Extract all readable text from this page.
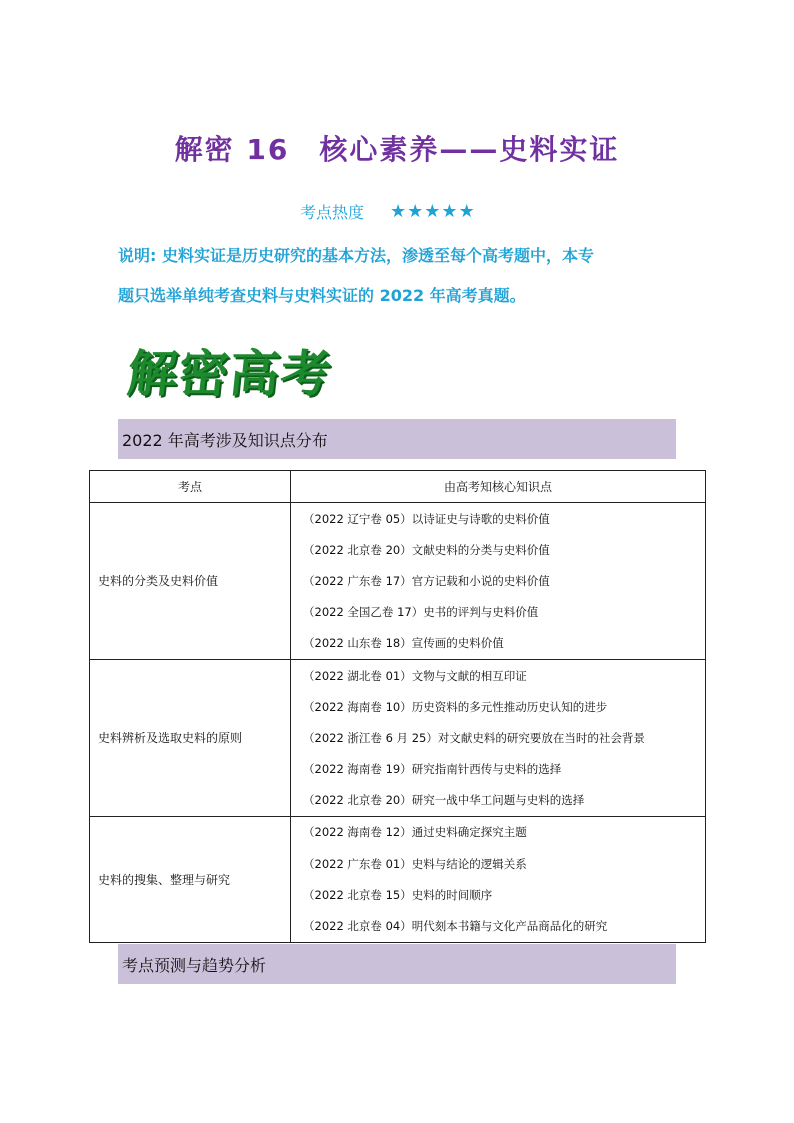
解密 16　核心素养——史料实证
考点热度 ★★★★★
说明: 史料实证是历史研究的基本方法，渗透至每个高考题中，本专
题只选举单纯考查史料与史料实证的 2022 年高考真题。
解密高考
2022 年高考涉及知识点分布
考点	由高考知核心知识点
史料的分类及史料价值	（2022 辽宁卷 05）以诗证史与诗歌的史料价值
（2022 北京卷 20）文献史料的分类与史料价值
（2022 广东卷 17）官方记载和小说的史料价值
（2022 全国乙卷 17）史书的评判与史料价值
（2022 山东卷 18）宣传画的史料价值

史料辨析及选取史料的原则	（2022 湖北卷 01）文物与文献的相互印证
（2022 海南卷 10）历史资料的多元性推动历史认知的进步
（2022 浙江卷 6 月 25）对文献史料的研究要放在当时的社会背景
（2022 海南卷 19）研究指南针西传与史料的选择
（2022 北京卷 20）研究一战中华工问题与史料的选择

史料的搜集、整理与研究	（2022 海南卷 12）通过史料确定探究主题
（2022 广东卷 01）史料与结论的逻辑关系
（2022 北京卷 15）史料的时间顺序
（2022 北京卷 04）明代刻本书籍与文化产品商品化的研究
考点预测与趋势分析
